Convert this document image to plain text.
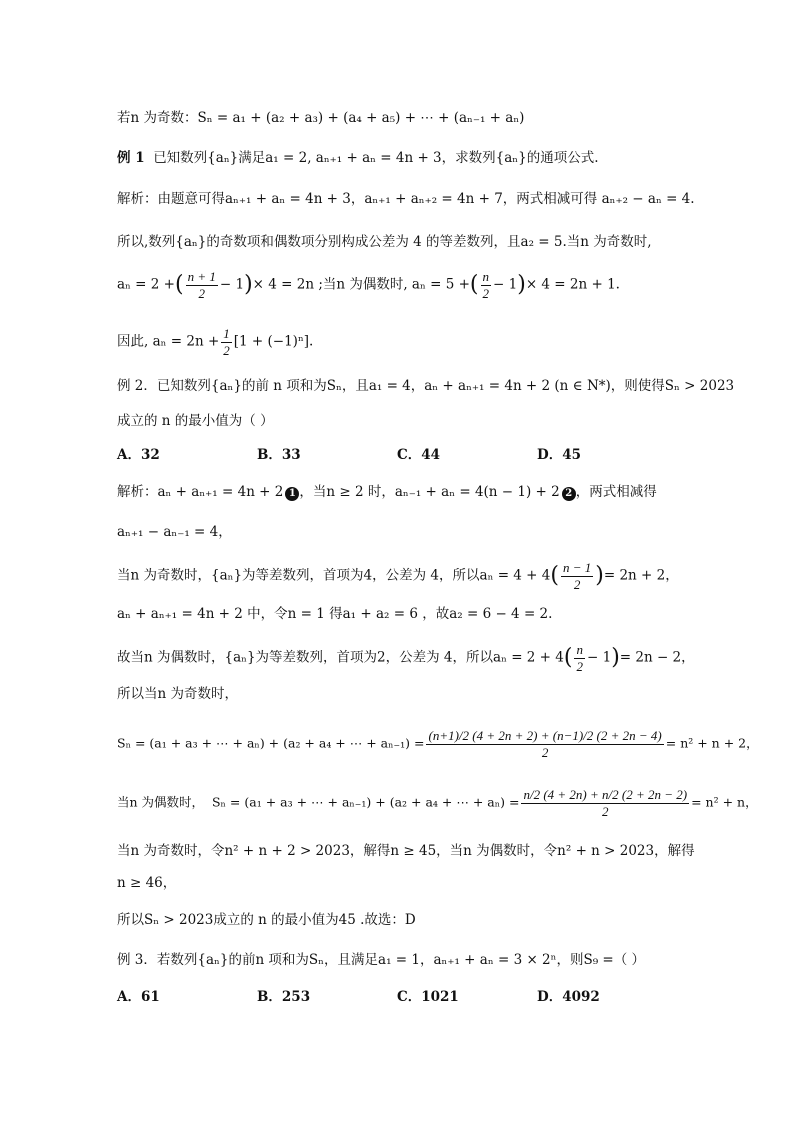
若n 为奇数：Sₙ = a₁ + (a₂ + a₃) + (a₄ + a₅) + ⋯ + (aₙ₋₁ + aₙ)
例 1 已知数列{aₙ}满足a₁ = 2, aₙ₊₁ + aₙ = 4n + 3，求数列{aₙ}的通项公式.
解析：由题意可得aₙ₊₁ + aₙ = 4n + 3，aₙ₊₁ + aₙ₊₂ = 4n + 7，两式相减可得 aₙ₊₂ − aₙ = 4.
所以,数列{aₙ}的奇数项和偶数项分别构成公差为 4 的等差数列，且a₂ = 5.当n 为奇数时,
aₙ = 2 +( $\frac{n + 1}{2} - 1)\times 4 = 2n$ ;当n 为偶数时, aₙ = 5 +( $\frac{n}{2} - 1)\times 4 = 2n + 1$.
因此, $a_n = 2n + \frac{1}{2} [1 + (-1)^n]$.
例 2．已知数列{aₙ}的前 n 项和为Sₙ，且a₁ = 4，aₙ + aₙ₊₁ = 4n + 2 (n ∈ N*)，则使得Sₙ > 2023
成立的 n 的最小值为（ ）
A．32	B．33	C．44	D．45
解析：aₙ + aₙ₊₁ = 4n + 2 1 ，当n ≥ 2 时，aₙ₋₁ + aₙ = 4(n − 1) + 2 2 ，两式相减得
aₙ₊₁ − aₙ₋₁ = 4，
当n 为奇数时，{aₙ}为等差数列，首项为4，公差为 4，所以$a_n = 4 + 4( \frac{n - 1}{2}$ )= 2n + 2，
aₙ + aₙ₊₁ = 4n + 2 中，令n = 1 得a₁ + a₂ = 6 ，故a₂ = 6 − 4 = 2.
故当n 为偶数时，{aₙ}为等差数列，首项为2，公差为 4，所以$a_n = 2 + 4( \frac{n}{2} - 1)= 2n - 2$，
所以当n 为奇数时，
Sₙ = (a₁ + a₃ + ⋯ + aₙ) + (a₂ + a₄ + ⋯ + $a_{n-1}) = \frac{(n+1)/2 (4 + 2n + 2) + (n-1)/2 (2 + 2n - 4)}{2} = n^2 + n + 2$，
当n 为偶数时， Sₙ = (a₁ + a₃ + ⋯ + aₙ₋₁) + (a₂ + a₄ + ⋯ + $a_n) = \frac{n/2 (4 + 2n) + n/2 (2 + 2n - 2)}{2} = n^2 + n$，
当n 为奇数时，令n² + n + 2 > 2023，解得n ≥ 45，当n 为偶数时，令n² + n > 2023，解得
n ≥ 46，
所以Sₙ > 2023成立的 n 的最小值为45 .故选：D
例 3．若数列{aₙ}的前n 项和为Sₙ，且满足a₁ = 1，aₙ₊₁ + aₙ = 3 × 2ⁿ，则S₉ =（ ）
A．61	B．253	C．1021	D．4092
